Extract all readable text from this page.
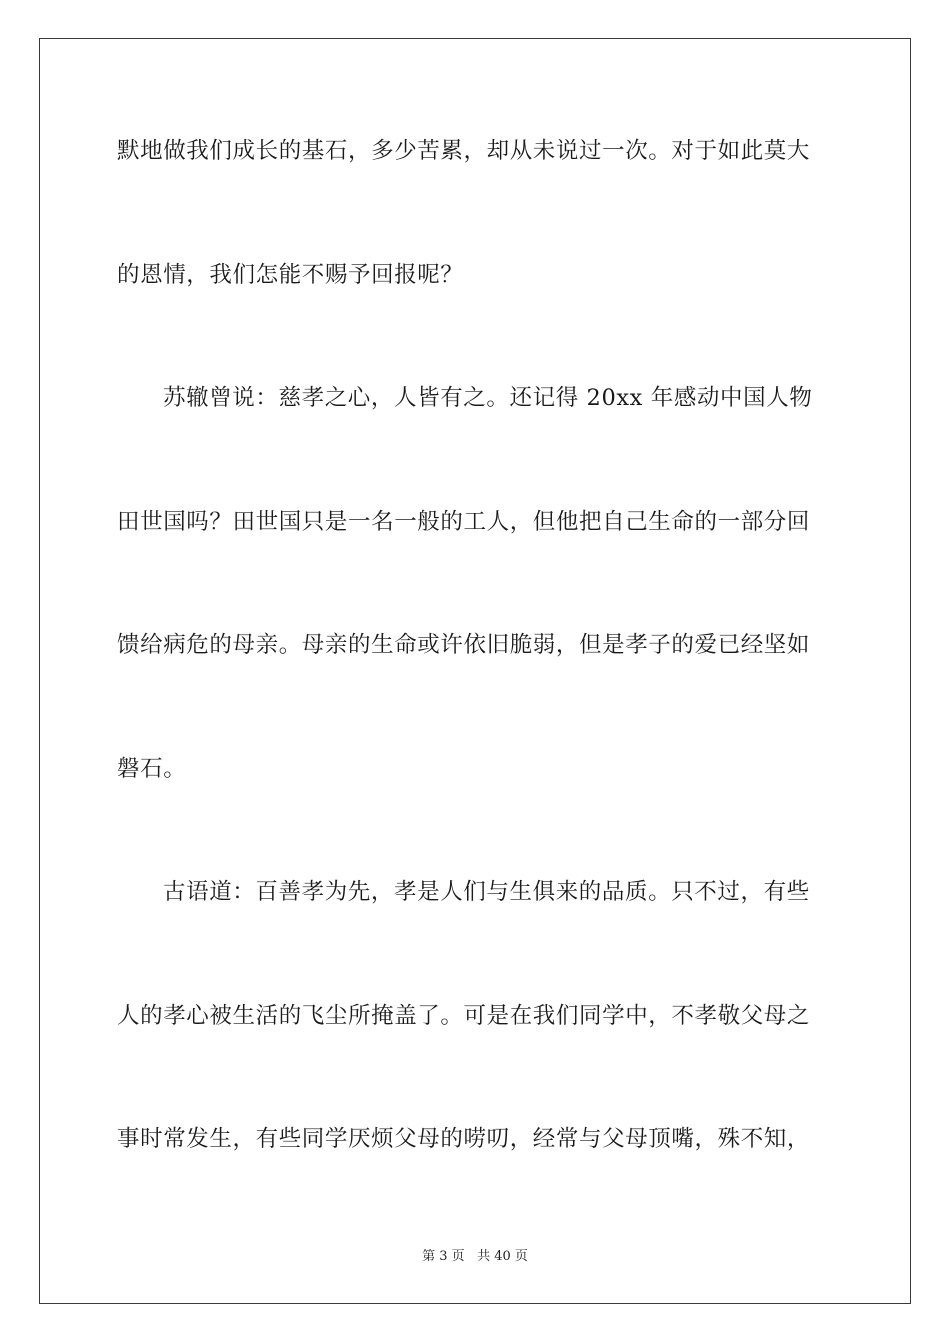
默地做我们成长的基石，多少苦累，却从未说过一次。对于如此莫大
的恩情，我们怎能不赐予回报呢？
苏辙曾说：慈孝之心，人皆有之。还记得 20xx 年感动中国人物
田世国吗？田世国只是一名一般的工人，但他把自己生命的一部分回
馈给病危的母亲。母亲的生命或许依旧脆弱，但是孝子的爱已经坚如
磐石。
古语道：百善孝为先，孝是人们与生俱来的品质。只不过，有些
人的孝心被生活的飞尘所掩盖了。可是在我们同学中，不孝敬父母之
事时常发生，有些同学厌烦父母的唠叨，经常与父母顶嘴，殊不知，
第 3 页 共 40 页
